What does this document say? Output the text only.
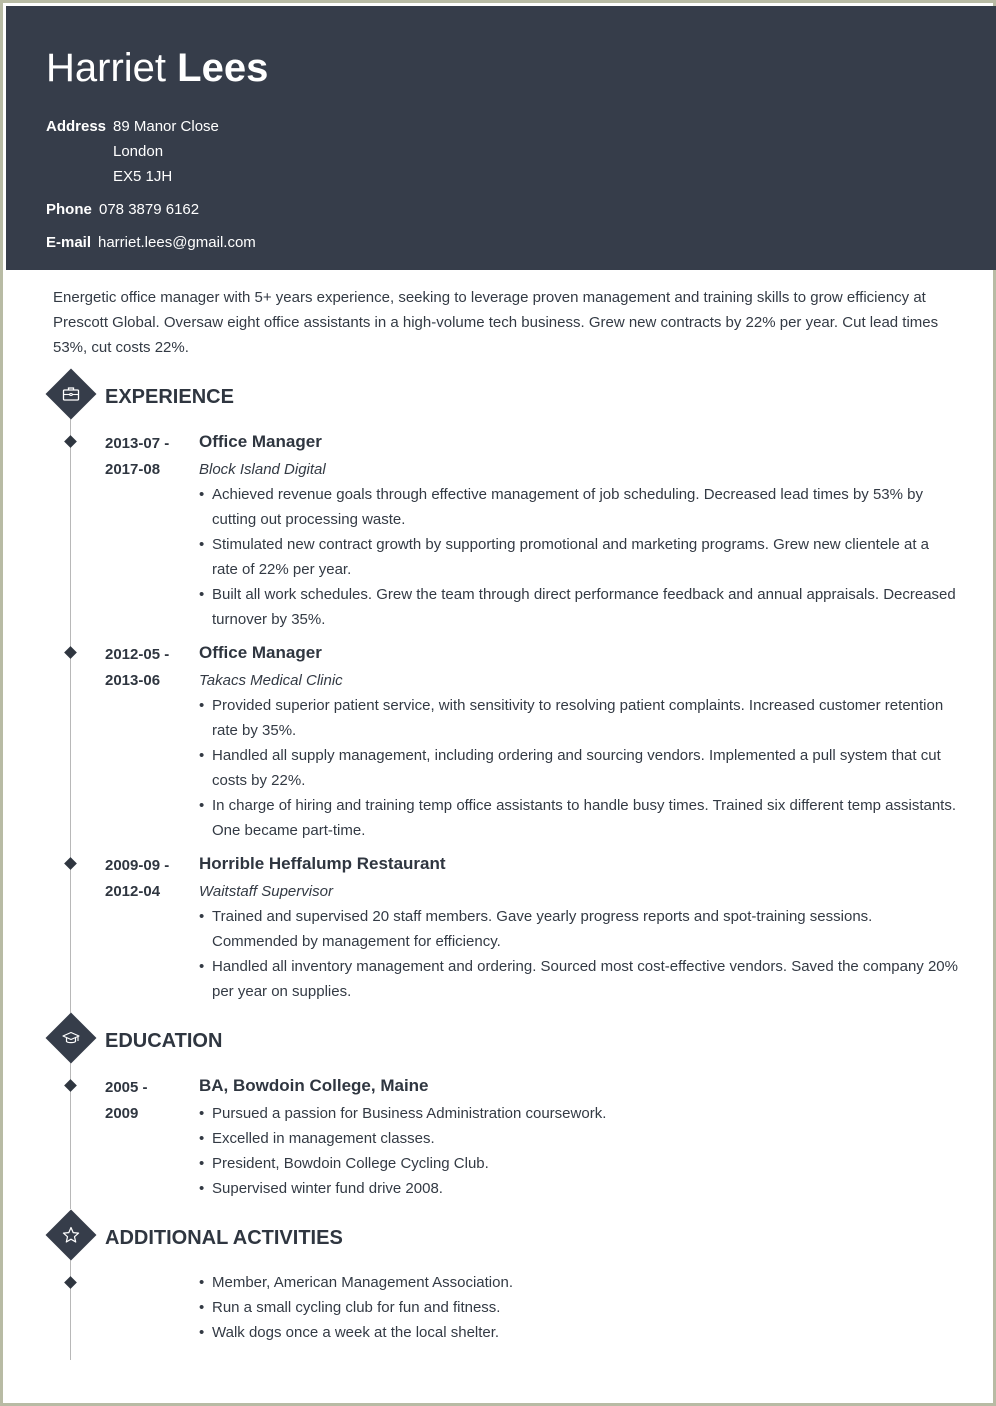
Harriet Lees
Address 89 Manor Close
London
EX5 1JH
Phone 078 3879 6162
E-mail harriet.lees@gmail.com

Energetic office manager with 5+ years experience, seeking to leverage proven management and training skills to grow efficiency at Prescott Global. Oversaw eight office assistants in a high-volume tech business. Grew new contracts by 22% per year. Cut lead times 53%, cut costs 22%.

EXPERIENCE
2013-07 -
2017-08
Office Manager
Block Island Digital
• Achieved revenue goals through effective management of job scheduling. Decreased lead times by 53% by cutting out processing waste.
• Stimulated new contract growth by supporting promotional and marketing programs. Grew new clientele at a rate of 22% per year.
• Built all work schedules. Grew the team through direct performance feedback and annual appraisals. Decreased turnover by 35%.
2012-05 -
2013-06
Office Manager
Takacs Medical Clinic
• Provided superior patient service, with sensitivity to resolving patient complaints. Increased customer retention rate by 35%.
• Handled all supply management, including ordering and sourcing vendors. Implemented a pull system that cut costs by 22%.
• In charge of hiring and training temp office assistants to handle busy times. Trained six different temp assistants. One became part-time.
2009-09 -
2012-04
Horrible Heffalump Restaurant
Waitstaff Supervisor
• Trained and supervised 20 staff members. Gave yearly progress reports and spot-training sessions. Commended by management for efficiency.
• Handled all inventory management and ordering. Sourced most cost-effective vendors. Saved the company 20% per year on supplies.
EDUCATION
2005 -
2009
BA, Bowdoin College, Maine
• Pursued a passion for Business Administration coursework.
• Excelled in management classes.
• President, Bowdoin College Cycling Club.
• Supervised winter fund drive 2008.
ADDITIONAL ACTIVITIES
• Member, American Management Association.
• Run a small cycling club for fun and fitness.
• Walk dogs once a week at the local shelter.
